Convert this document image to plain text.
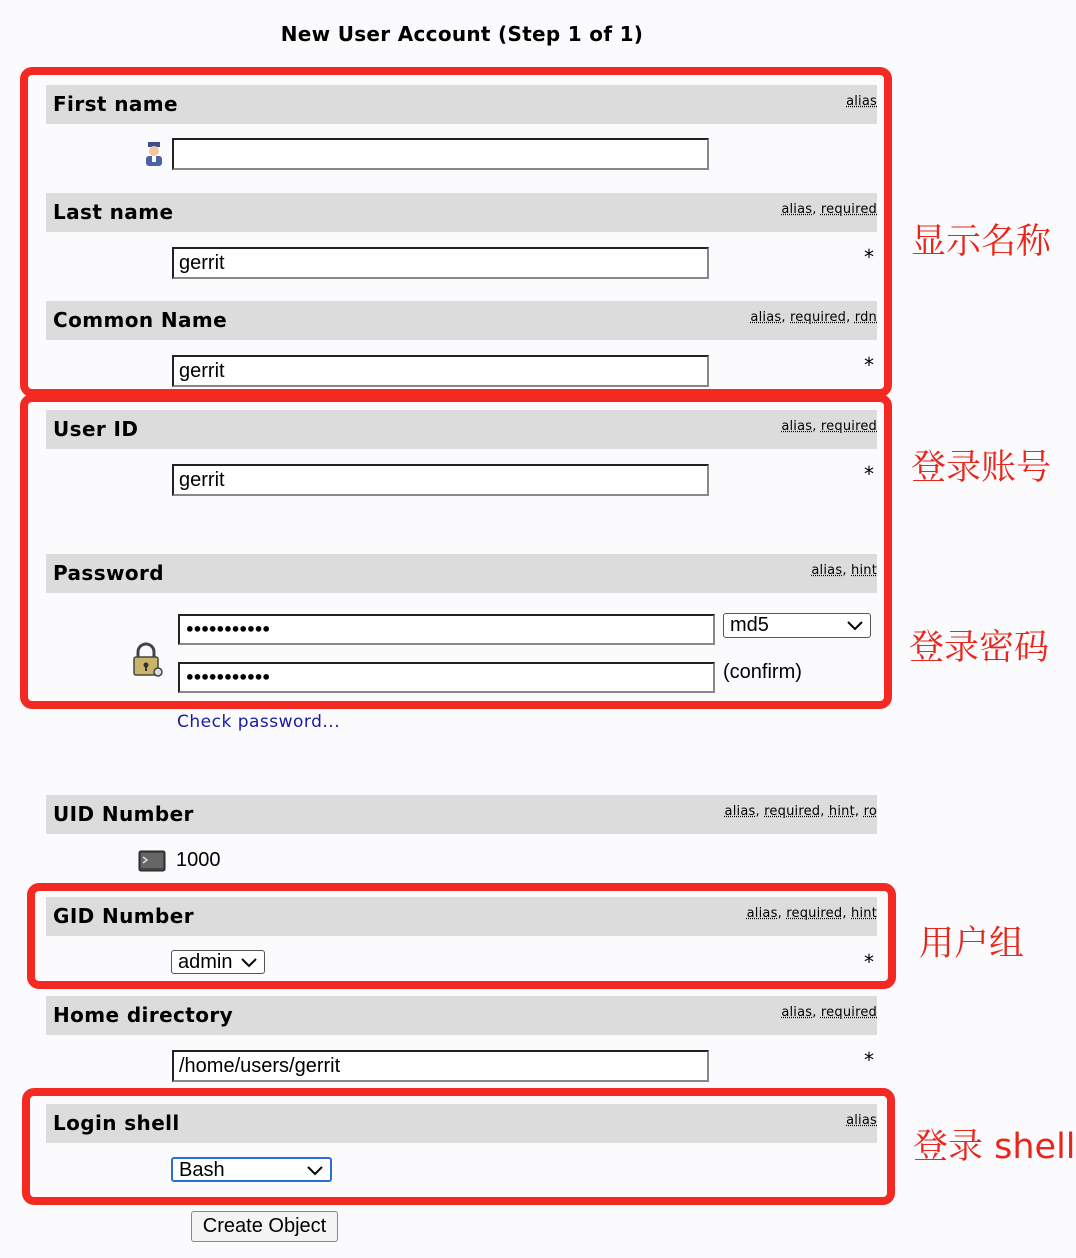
New User Account (Step 1 of 1)
First name	alias
Last name	alias, required
gerrit
*
Common Name	alias, required, rdn
gerrit
*
User ID	alias, required
gerrit
*
Password	alias, hint
•••••••••••	md5
•••••••••••	(confirm)
Check password...
UID Number	alias, required, hint, ro
1000
GID Number	alias, required, hint
admin	*
Home directory	alias, required
/home/users/gerrit
*
Login shell	alias
Bash
Create Object
显示名称
登录账号
登录密码
用户组
登录 shell
